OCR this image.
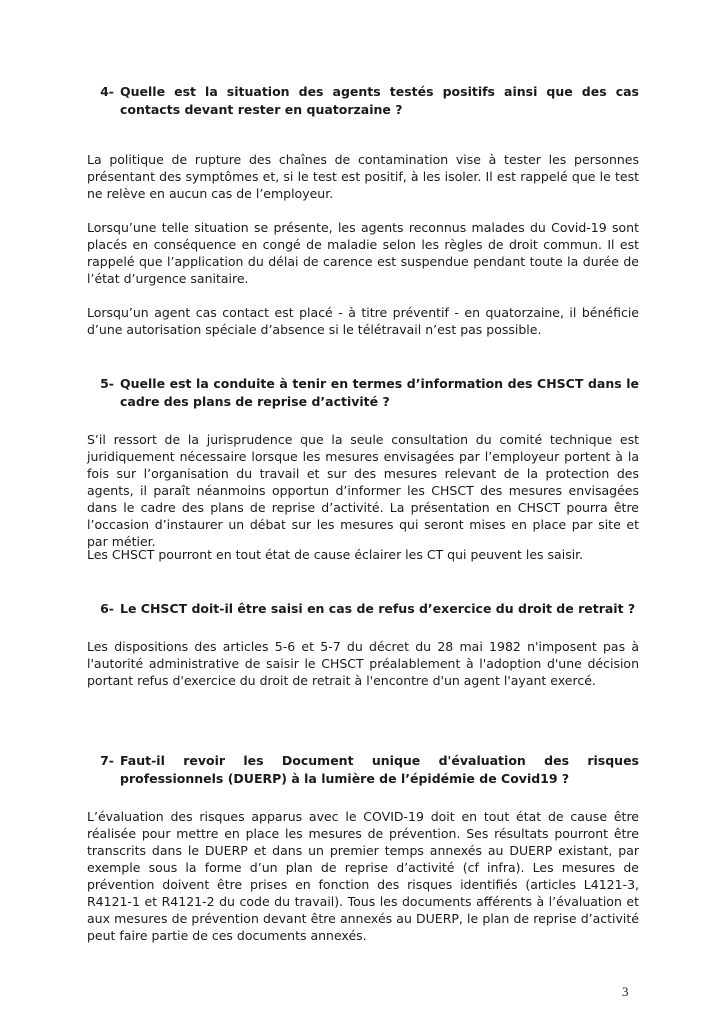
4- Quelle est la situation des agents testés positifs ainsi que des cas contacts devant rester en quatorzaine ?

La politique de rupture des chaînes de contamination vise à tester les personnes présentant des symptômes et, si le test est positif, à les isoler. Il est rappelé que le test ne relève en aucun cas de l’employeur.

Lorsqu’une telle situation se présente, les agents reconnus malades du Covid-19 sont placés en conséquence en congé de maladie selon les règles de droit commun. Il est rappelé que l’application du délai de carence est suspendue pendant toute la durée de l’état d’urgence sanitaire.

Lorsqu’un agent cas contact est placé - à titre préventif - en quatorzaine, il bénéficie d’une autorisation spéciale d’absence si le télétravail n’est pas possible.

5- Quelle est la conduite à tenir en termes d’information des CHSCT dans le cadre des plans de reprise d’activité ?

S’il ressort de la jurisprudence que la seule consultation du comité technique est juridiquement nécessaire lorsque les mesures envisagées par l’employeur portent à la fois sur l’organisation du travail et sur des mesures relevant de la protection des agents, il paraît néanmoins opportun d’informer les CHSCT des mesures envisagées dans le cadre des plans de reprise d’activité. La présentation en CHSCT pourra être l’occasion d’instaurer un débat sur les mesures qui seront mises en place par site et par métier.

Les CHSCT pourront en tout état de cause éclairer les CT qui peuvent les saisir.

6- Le CHSCT doit-il être saisi en cas de refus d’exercice du droit de retrait ?

Les dispositions des articles 5-6 et 5-7 du décret du 28 mai 1982 n'imposent pas à l'autorité administrative de saisir le CHSCT préalablement à l'adoption d'une décision portant refus d'exercice du droit de retrait à l'encontre d'un agent l'ayant exercé.

7- Faut-il revoir les Document unique d'évaluation des risques professionnels (DUERP) à la lumière de l’épidémie de Covid19 ?

L’évaluation des risques apparus avec le COVID-19 doit en tout état de cause être réalisée pour mettre en place les mesures de prévention. Ses résultats pourront être transcrits dans le DUERP et dans un premier temps annexés au DUERP existant, par exemple sous la forme d’un plan de reprise d’activité (cf infra). Les mesures de prévention doivent être prises en fonction des risques identifiés (articles L4121-3, R4121-1 et R4121-2 du code du travail). Tous les documents afférents à l’évaluation et aux mesures de prévention devant être annexés au DUERP, le plan de reprise d’activité peut faire partie de ces documents annexés.

3
